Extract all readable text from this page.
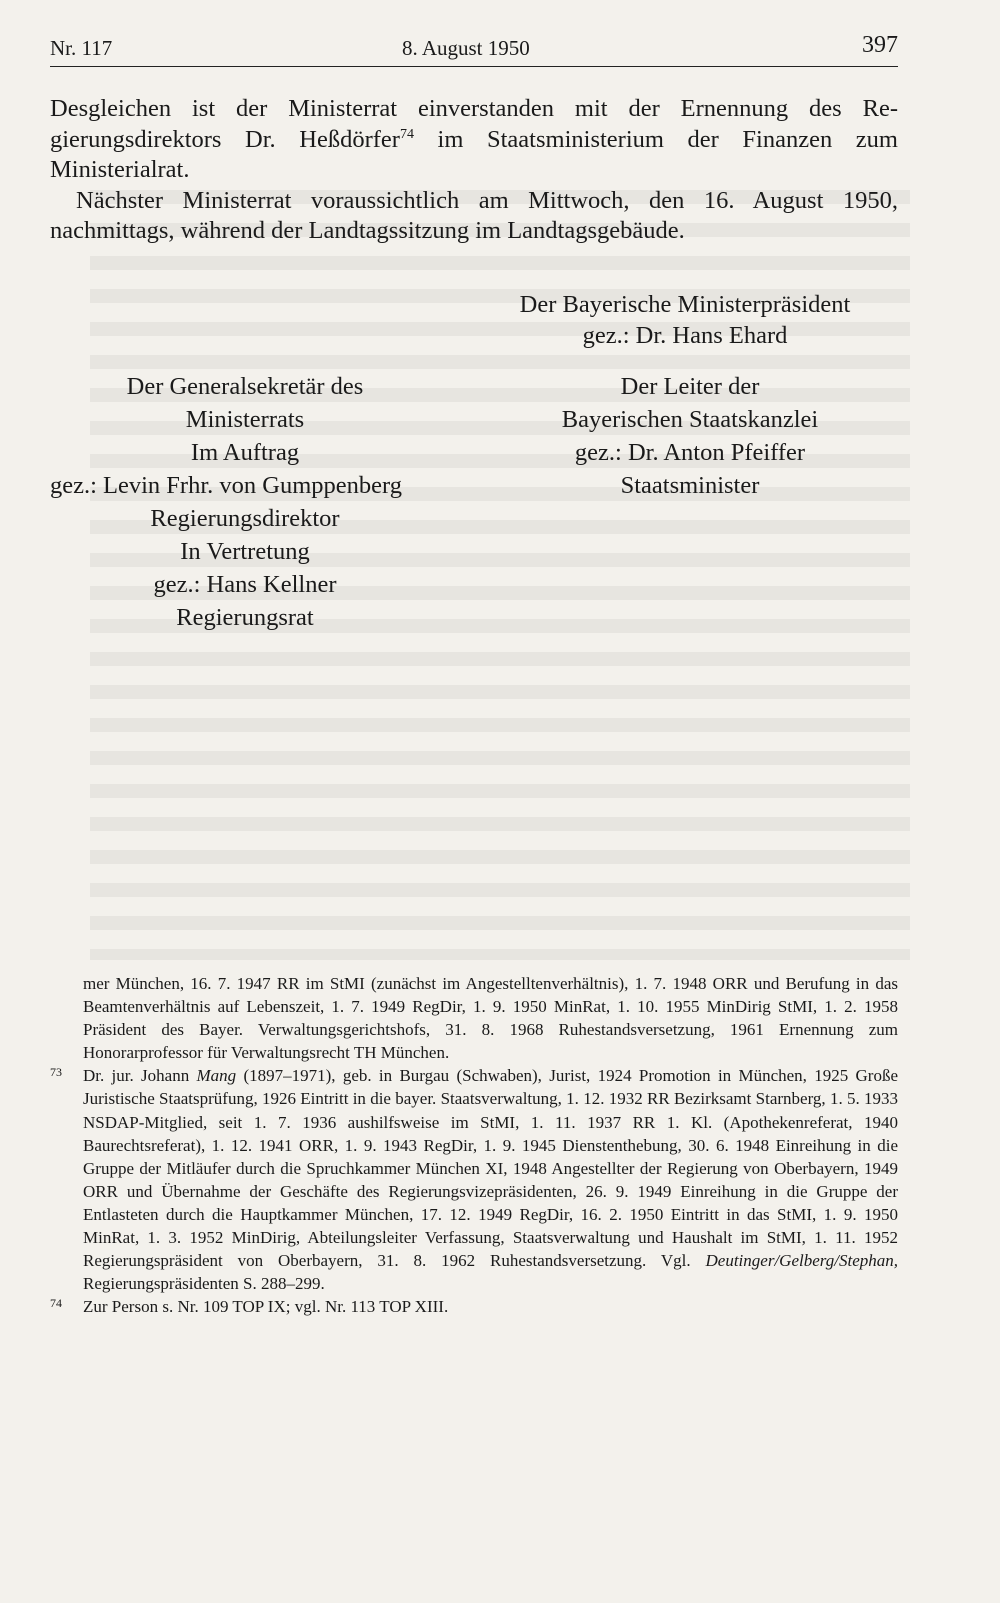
Nr. 117	8. August 1950	397

Desgleichen ist der Ministerrat einverstanden mit der Ernennung des Regierungsdirektors Dr. Heßdörfer$^{74}$ im Staatsministerium der Finanzen zum Ministerialrat.

Nächster Ministerrat voraussichtlich am Mittwoch, den 16. August 1950, nachmittags, während der Landtagssitzung im Landtagsgebäude.

Der Bayerische Ministerpräsident
gez.: Dr. Hans Ehard
Der Generalsekretär des
Ministerrats
Im Auftrag
gez.: Levin Frhr. von Gumppenberg
Regierungsdirektor
In Vertretung
gez.: Hans Kellner
Regierungsrat
Der Leiter der
Bayerischen Staatskanzlei
gez.: Dr. Anton Pfeiffer
Staatsminister
mer München, 16. 7. 1947 RR im StMI (zunächst im Angestelltenverhältnis), 1. 7. 1948 ORR und Berufung in das Beamtenverhältnis auf Lebenszeit, 1. 7. 1949 RegDir, 1. 9. 1950 MinRat, 1. 10. 1955 MinDirig StMI, 1. 2. 1958 Präsident des Bayer. Verwaltungsgerichtshofs, 31. 8. 1968 Ruhestandsversetzung, 1961 Ernennung zum Honorarprofessor für Verwaltungsrecht TH München.
73 Dr. jur. Johann Mang (1897–1971), geb. in Burgau (Schwaben), Jurist, 1924 Promotion in München, 1925 Große Juristische Staatsprüfung, 1926 Eintritt in die bayer. Staatsverwaltung, 1. 12. 1932 RR Bezirksamt Starnberg, 1. 5. 1933 NSDAP-Mitglied, seit 1. 7. 1936 aushilfsweise im StMI, 1. 11. 1937 RR 1. Kl. (Apothekenreferat, 1940 Baurechtsreferat), 1. 12. 1941 ORR, 1. 9. 1943 RegDir, 1. 9. 1945 Dienstenthebung, 30. 6. 1948 Einreihung in die Gruppe der Mitläufer durch die Spruchkammer München XI, 1948 Angestellter der Regierung von Oberbayern, 1949 ORR und Übernahme der Geschäfte des Regierungsvizepräsidenten, 26. 9. 1949 Einreihung in die Gruppe der Entlasteten durch die Hauptkammer München, 17. 12. 1949 RegDir, 16. 2. 1950 Eintritt in das StMI, 1. 9. 1950 MinRat, 1. 3. 1952 MinDirig, Abteilungsleiter Verfassung, Staatsverwaltung und Haushalt im StMI, 1. 11. 1952 Regierungspräsident von Oberbayern, 31. 8. 1962 Ruhestandsversetzung. Vgl. Deutinger/Gelberg/Stephan, Regierungspräsidenten S. 288–299.
74 Zur Person s. Nr. 109 TOP IX; vgl. Nr. 113 TOP XIII.
